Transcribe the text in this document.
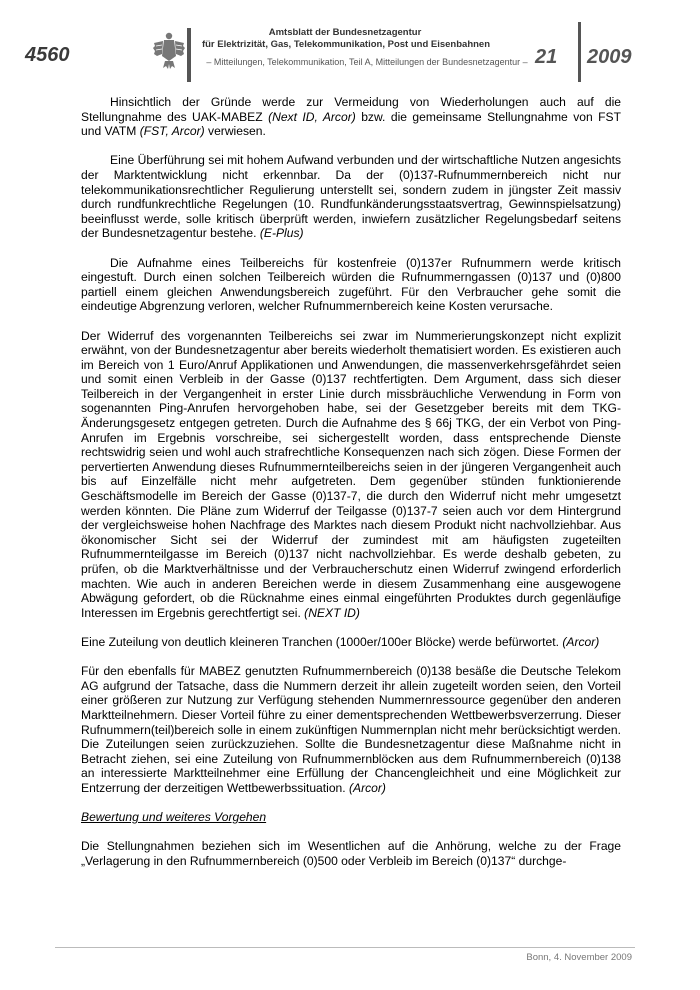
4560
Amtsblatt der Bundesnetzagentur
für Elektrizität, Gas, Telekommunikation, Post und Eisenbahnen
– Mitteilungen, Telekommunikation, Teil A, Mitteilungen der Bundesnetzagentur – 21 2009

Hinsichtlich der Gründe werde zur Vermeidung von Wiederholungen auch auf die Stellungnahme des UAK-MABEZ (Next ID, Arcor) bzw. die gemeinsame Stellungnahme von FST und VATM (FST, Arcor) verwiesen.

Eine Überführung sei mit hohem Aufwand verbunden und der wirtschaftliche Nutzen angesichts der Marktentwicklung nicht erkennbar. Da der (0)137-Rufnummernbereich nicht nur telekommunikationsrechtlicher Regulierung unterstellt sei, sondern zudem in jüngster Zeit massiv durch rundfunkrechtliche Regelungen (10. Rundfunkänderungsstaatsvertrag, Gewinnspielsatzung) beeinflusst werde, solle kritisch überprüft werden, inwiefern zusätzlicher Regelungsbedarf seitens der Bundesnetzagentur bestehe. (E-Plus)

Die Aufnahme eines Teilbereichs für kostenfreie (0)137er Rufnummern werde kritisch eingestuft. Durch einen solchen Teilbereich würden die Rufnummerngassen (0)137 und (0)800 partiell einem gleichen Anwendungsbereich zugeführt. Für den Verbraucher gehe somit die eindeutige Abgrenzung verloren, welcher Rufnummernbereich keine Kosten verursache.

Der Widerruf des vorgenannten Teilbereichs sei zwar im Nummerierungskonzept nicht explizit erwähnt, von der Bundesnetzagentur aber bereits wiederholt thematisiert worden. Es existieren auch im Bereich von 1 Euro/Anruf Applikationen und Anwendungen, die massenverkehrsgefährdet seien und somit einen Verbleib in der Gasse (0)137 rechtfertigten. Dem Argument, dass sich dieser Teilbereich in der Vergangenheit in erster Linie durch missbräuchliche Verwendung in Form von sogenannten Ping-Anrufen hervorgehoben habe, sei der Gesetzgeber bereits mit dem TKG-Änderungsgesetz entgegen getreten. Durch die Aufnahme des § 66j TKG, der ein Verbot von Ping-Anrufen im Ergebnis vorschreibe, sei sichergestellt worden, dass entsprechende Dienste rechtswidrig seien und wohl auch strafrechtliche Konsequenzen nach sich zögen. Diese Formen der pervertierten Anwendung dieses Rufnummernteilbereichs seien in der jüngeren Vergangenheit auch bis auf Einzelfälle nicht mehr aufgetreten. Dem gegenüber stünden funktionierende Geschäftsmodelle im Bereich der Gasse (0)137-7, die durch den Widerruf nicht mehr umgesetzt werden könnten. Die Pläne zum Widerruf der Teilgasse (0)137-7 seien auch vor dem Hintergrund der vergleichsweise hohen Nachfrage des Marktes nach diesem Produkt nicht nachvollziehbar. Aus ökonomischer Sicht sei der Widerruf der zumindest mit am häufigsten zugeteilten Rufnummernteilgasse im Bereich (0)137 nicht nachvollziehbar. Es werde deshalb gebeten, zu prüfen, ob die Marktverhältnisse und der Verbraucherschutz einen Widerruf zwingend erforderlich machten. Wie auch in anderen Bereichen werde in diesem Zusammenhang eine ausgewogene Abwägung gefordert, ob die Rücknahme eines einmal eingeführten Produktes durch gegenläufige Interessen im Ergebnis gerechtfertigt sei. (NEXT ID)

Eine Zuteilung von deutlich kleineren Tranchen (1000er/100er Blöcke) werde befürwortet. (Arcor)

Für den ebenfalls für MABEZ genutzten Rufnummernbereich (0)138 besäße die Deutsche Telekom AG aufgrund der Tatsache, dass die Nummern derzeit ihr allein zugeteilt worden seien, den Vorteil einer größeren zur Nutzung zur Verfügung stehenden Nummernressource gegenüber den anderen Marktteilnehmern. Dieser Vorteil führe zu einer dementsprechenden Wettbewerbsverzerrung. Dieser Rufnummern(teil)bereich solle in einem zukünftigen Nummernplan nicht mehr berücksichtigt werden. Die Zuteilungen seien zurückzuziehen. Sollte die Bundesnetzagentur diese Maßnahme nicht in Betracht ziehen, sei eine Zuteilung von Rufnummernblöcken aus dem Rufnummernbereich (0)138 an interessierte Marktteilnehmer eine Erfüllung der Chancengleichheit und eine Möglichkeit zur Entzerrung der derzeitigen Wettbewerbssituation. (Arcor)

Bewertung und weiteres Vorgehen

Die Stellungnahmen beziehen sich im Wesentlichen auf die Anhörung, welche zu der Frage „Verlagerung in den Rufnummernbereich (0)500 oder Verbleib im Bereich (0)137“ durchge-

Bonn, 4. November 2009
